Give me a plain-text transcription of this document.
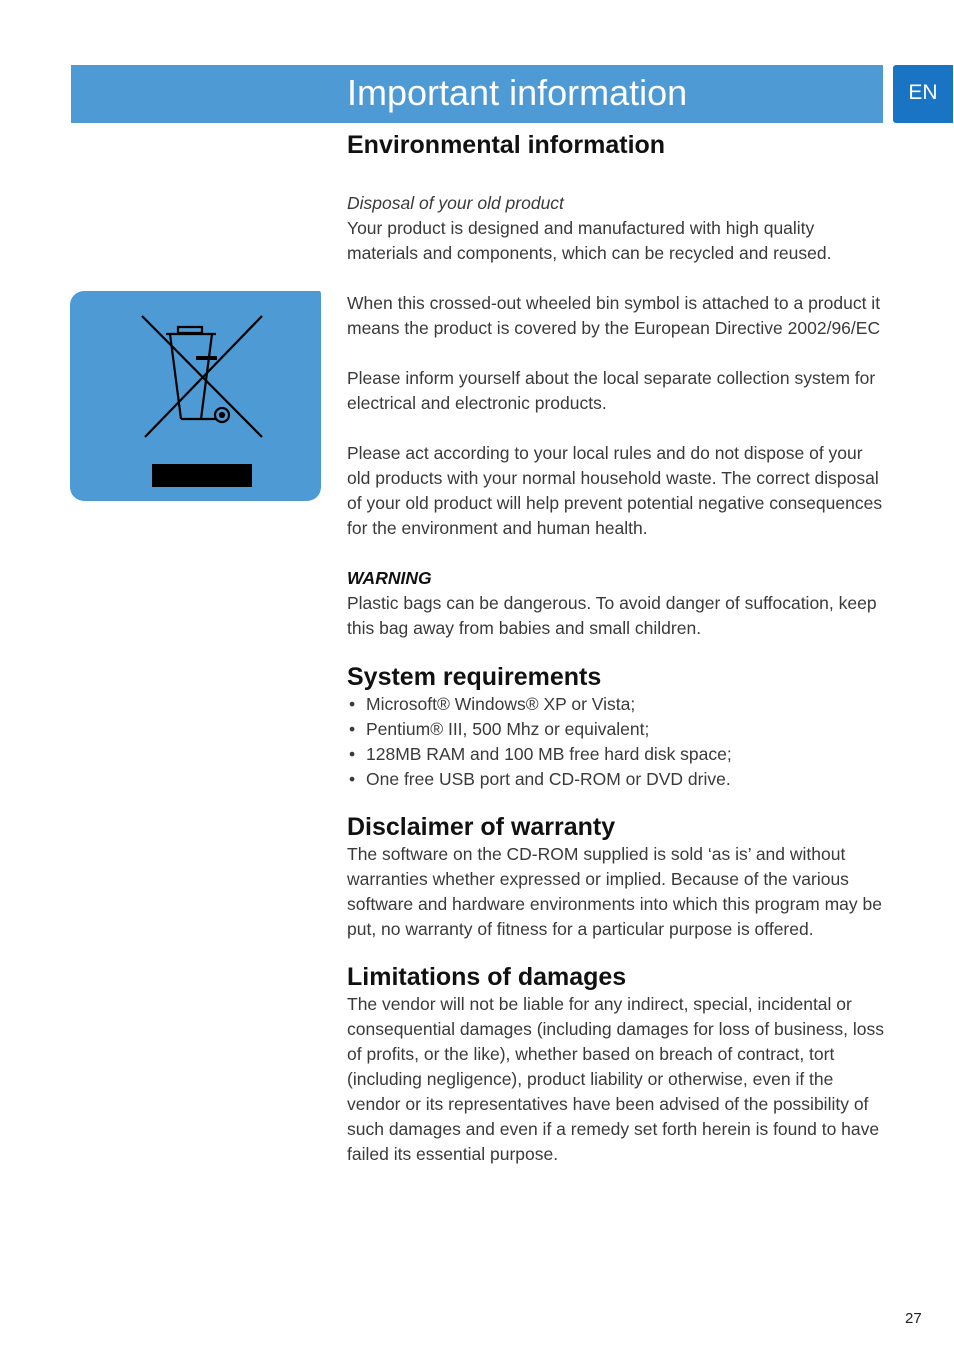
Important information	EN
Environmental information

Disposal of your old product

Your product is designed and manufactured with high quality materials and components, which can be recycled and reused.

When this crossed-out wheeled bin symbol is attached to a product it means the product is covered by the European Directive 2002/96/EC

Please inform yourself about the local separate collection system for electrical and electronic products.

Please act according to your local rules and do not dispose of your old products with your normal household waste. The correct disposal of your old product will help prevent potential negative consequences for the environment and human health.

WARNING

Plastic bags can be dangerous. To avoid danger of suffocation, keep this bag away from babies and small children.

System requirements
• Microsoft® Windows® XP or Vista;
• Pentium® III, 500 Mhz or equivalent;
• 128MB RAM and 100 MB free hard disk space;
• One free USB port and CD-ROM or DVD drive.
Disclaimer of warranty

The software on the CD-ROM supplied is sold ‘as is’ and without warranties whether expressed or implied. Because of the various software and hardware environments into which this program may be put, no warranty of fitness for a particular purpose is offered.

Limitations of damages

The vendor will not be liable for any indirect, special, incidental or consequential damages (including damages for loss of business, loss of profits, or the like), whether based on breach of contract, tort (including negligence), product liability or otherwise, even if the vendor or its representatives have been advised of the possibility of such damages and even if a remedy set forth herein is found to have failed its essential purpose.

27
